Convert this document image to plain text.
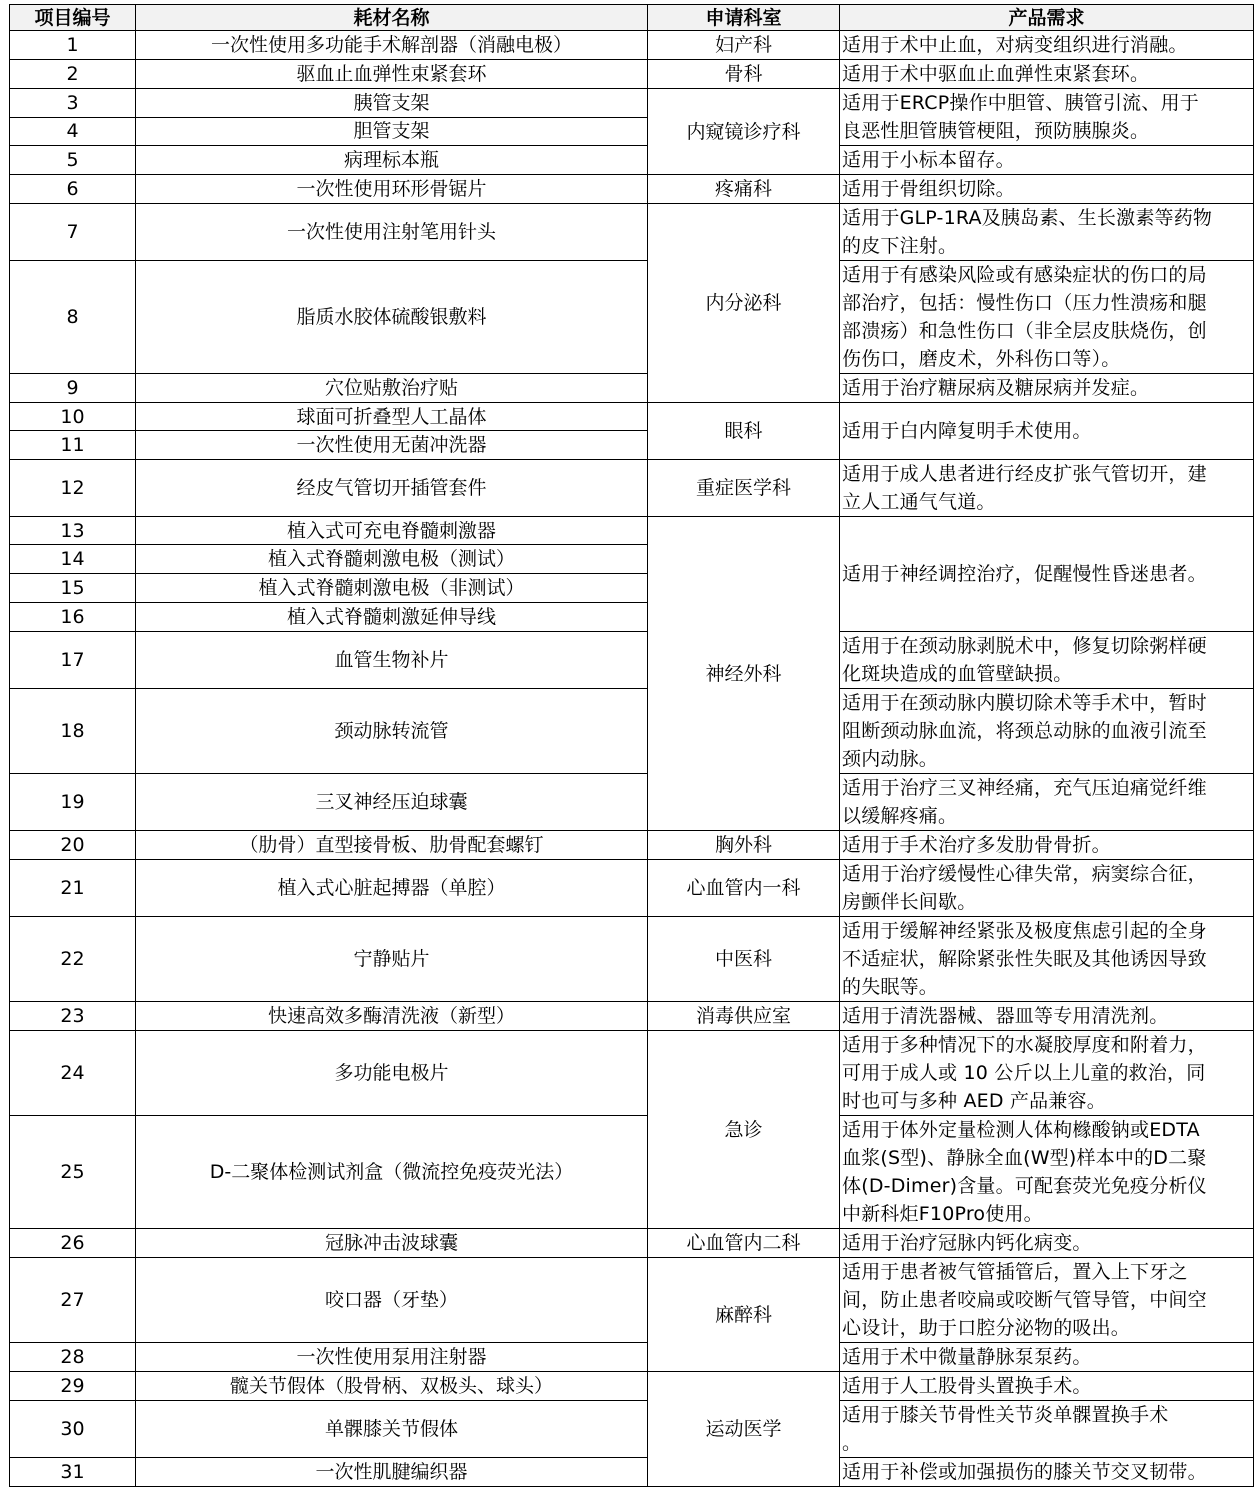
项目编号	耗材名称	申请科室	产品需求
1	一次性使用多功能手术解剖器（消融电极）	妇产科	适用于术中止血，对病变组织进行消融。
2	驱血止血弹性束紧套环	骨科	适用于术中驱血止血弹性束紧套环。
3	胰管支架	内窥镜诊疗科	适用于ERCP操作中胆管、胰管引流、用于
良恶性胆管胰管梗阻，预防胰腺炎。
4	胆管支架		
5	病理标本瓶		适用于小标本留存。
6	一次性使用环形骨锯片	疼痛科	适用于骨组织切除。
7	一次性使用注射笔用针头	内分泌科	适用于GLP-1RA及胰岛素、生长激素等药物
的皮下注射。
8	脂质水胶体硫酸银敷料		适用于有感染风险或有感染症状的伤口的局
部治疗，包括：慢性伤口（压力性溃疡和腿
部溃疡）和急性伤口（非全层皮肤烧伤，创
伤伤口，磨皮术，外科伤口等）。
9	穴位贴敷治疗贴		适用于治疗糖尿病及糖尿病并发症。
10	球面可折叠型人工晶体	眼科	适用于白内障复明手术使用。
11	一次性使用无菌冲洗器		
12	经皮气管切开插管套件	重症医学科	适用于成人患者进行经皮扩张气管切开，建
立人工通气气道。
13	植入式可充电脊髓刺激器	神经外科	适用于神经调控治疗，促醒慢性昏迷患者。
14	植入式脊髓刺激电极（测试）		
15	植入式脊髓刺激电极（非测试）		
16	植入式脊髓刺激延伸导线		
17	血管生物补片		适用于在颈动脉剥脱术中，修复切除粥样硬
化斑块造成的血管壁缺损。
18	颈动脉转流管		适用于在颈动脉内膜切除术等手术中，暂时
阻断颈动脉血流，将颈总动脉的血液引流至
颈内动脉。
19	三叉神经压迫球囊		适用于治疗三叉神经痛，充气压迫痛觉纤维
以缓解疼痛。
20	（肋骨）直型接骨板、肋骨配套螺钉	胸外科	适用于手术治疗多发肋骨骨折。
21	植入式心脏起搏器（单腔）	心血管内一科	适用于治疗缓慢性心律失常，病窦综合征，
房颤伴长间歇。
22	宁静贴片	中医科	适用于缓解神经紧张及极度焦虑引起的全身
不适症状，解除紧张性失眠及其他诱因导致
的失眠等。
23	快速高效多酶清洗液（新型）	消毒供应室	适用于清洗器械、器皿等专用清洗剂。
24	多功能电极片	急诊	适用于多种情况下的水凝胶厚度和附着力，
可用于成人或 10 公斤以上儿童的救治，同
时也可与多种 AED 产品兼容。
25	D-二聚体检测试剂盒（微流控免疫荧光法）		适用于体外定量检测人体枸橼酸钠或EDTA
血浆(S型)、静脉全血(W型)样本中的D二聚
体(D-Dimer)含量。可配套荧光免疫分析仪
中新科炬F10Pro使用。
26	冠脉冲击波球囊	心血管内二科	适用于治疗冠脉内钙化病变。
27	咬口器（牙垫）	麻醉科	适用于患者被气管插管后，置入上下牙之
间，防止患者咬扁或咬断气管导管，中间空
心设计，助于口腔分泌物的吸出。
28	一次性使用泵用注射器		适用于术中微量静脉泵泵药。
29	髋关节假体（股骨柄、双极头、球头）	运动医学	适用于人工股骨头置换手术。
30	单髁膝关节假体		适用于膝关节骨性关节炎单髁置换手术
。
31	一次性肌腱编织器		适用于补偿或加强损伤的膝关节交叉韧带。
